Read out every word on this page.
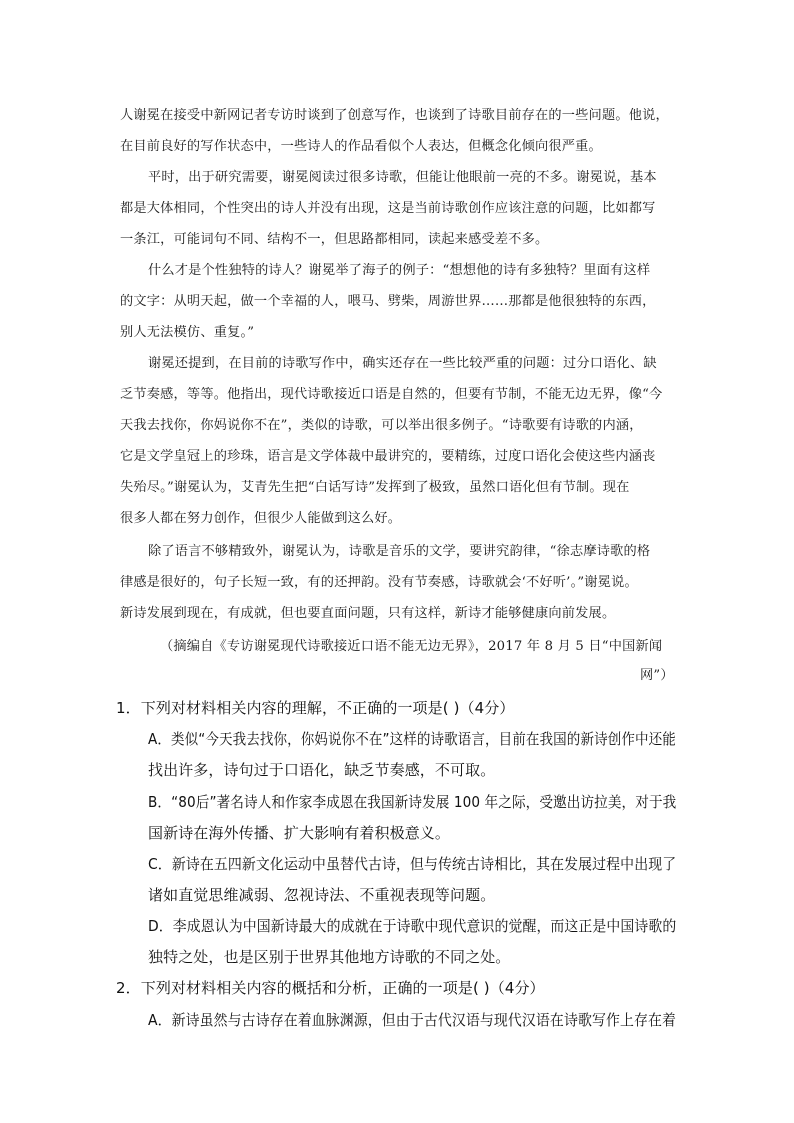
人谢冕在接受中新网记者专访时谈到了创意写作，也谈到了诗歌目前存在的一些问题。他说，
在目前良好的写作状态中，一些诗人的作品看似个人表达，但概念化倾向很严重。
平时，出于研究需要，谢冕阅读过很多诗歌，但能让他眼前一亮的不多。谢冕说，基本
都是大体相同，个性突出的诗人并没有出现，这是当前诗歌创作应该注意的问题，比如都写
一条江，可能词句不同、结构不一，但思路都相同，读起来感受差不多。
什么才是个性独特的诗人？谢冕举了海子的例子：“想想他的诗有多独特？里面有这样
的文字：从明天起，做一个幸福的人，喂马、劈柴，周游世界……那都是他很独特的东西，
别人无法模仿、重复。”
谢冕还提到，在目前的诗歌写作中，确实还存在一些比较严重的问题：过分口语化、缺
乏节奏感，等等。他指出，现代诗歌接近口语是自然的，但要有节制，不能无边无界，像“今
天我去找你，你妈说你不在”，类似的诗歌，可以举出很多例子。“诗歌要有诗歌的内涵，
它是文学皇冠上的珍珠，语言是文学体裁中最讲究的，要精练，过度口语化会使这些内涵丧
失殆尽。”谢冕认为，艾青先生把“白话写诗”发挥到了极致，虽然口语化但有节制。现在
很多人都在努力创作，但很少人能做到这么好。
除了语言不够精致外，谢冕认为，诗歌是音乐的文学，要讲究韵律，“徐志摩诗歌的格
律感是很好的，句子长短一致，有的还押韵。没有节奏感，诗歌就会‘不好听’。”谢冕说。
新诗发展到现在，有成就，但也要直面问题，只有这样，新诗才能够健康向前发展。
（摘编自《专访谢冕现代诗歌接近口语不能无边无界》，2017 年 8 月 5 日“中国新闻
网”）
1．下列对材料相关内容的理解，不正确的一项是( )（4分）
A．类似“今天我去找你，你妈说你不在”这样的诗歌语言，目前在我国的新诗创作中还能
找出许多，诗句过于口语化，缺乏节奏感，不可取。
B．“80后”著名诗人和作家李成恩在我国新诗发展 100 年之际，受邀出访拉美，对于我
国新诗在海外传播、扩大影响有着积极意义。
C．新诗在五四新文化运动中虽替代古诗，但与传统古诗相比，其在发展过程中出现了
诸如直觉思维减弱、忽视诗法、不重视表现等问题。
D．李成恩认为中国新诗最大的成就在于诗歌中现代意识的觉醒，而这正是中国诗歌的
独特之处，也是区别于世界其他地方诗歌的不同之处。
2．下列对材料相关内容的概括和分析，正确的一项是( )（4分）
A．新诗虽然与古诗存在着血脉渊源，但由于古代汉语与现代汉语在诗歌写作上存在着
